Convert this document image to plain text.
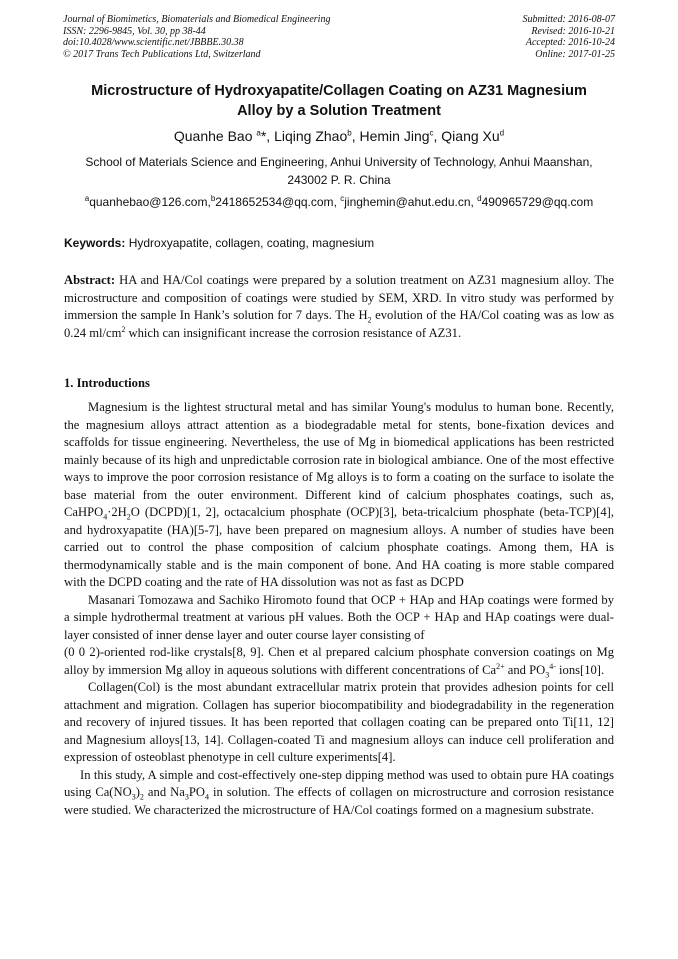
Journal of Biomimetics, Biomaterials and Biomedical Engineering
ISSN: 2296-9845, Vol. 30, pp 38-44
doi:10.4028/www.scientific.net/JBBBE.30.38
© 2017 Trans Tech Publications Ltd, Switzerland
Submitted: 2016-08-07
Revised: 2016-10-21
Accepted: 2016-10-24
Online: 2017-01-25
Microstructure of Hydroxyapatite/Collagen Coating on AZ31 Magnesium
Alloy by a Solution Treatment
Quanhe Bao $^a$*, Liqing Zhao$^b$, Hemin Jing$^c$, Qiang Xu$^d$
School of Materials Science and Engineering, Anhui University of Technology, Anhui Maanshan,
243002 P. R. China
$^a$quanhebao@126.com,$^b$2418652534@qq.com, $^c$jinghemin@ahut.edu.cn, $^d$490965729@qq.com
Keywords: Hydroxyapatite, collagen, coating, magnesium
Abstract: HA and HA/Col coatings were prepared by a solution treatment on AZ31 magnesium alloy. The microstructure and composition of coatings were studied by SEM, XRD. In vitro study was performed by immersion the sample In Hank’s solution for 7 days. The $H_2$ evolution of the HA/Col coating was as low as 0.24 $ml/cm^2$ which can insignificant increase the corrosion resistance of AZ31.
1. Introductions

Magnesium is the lightest structural metal and has similar Young's modulus to human bone. Recently, the magnesium alloys attract attention as a biodegradable metal for stents, bone-fixation devices and scaffolds for tissue engineering. Nevertheless, the use of Mg in biomedical applications has been restricted mainly because of its high and unpredictable corrosion rate in biological ambiance. One of the most effective ways to improve the poor corrosion resistance of Mg alloys is to form a coating on the surface to isolate the base material from the outer environment. Different kind of calcium phosphates coatings, such as, $CaHPO_4\cdot 2H_2O$ (DCPD)[1, 2], octacalcium phosphate (OCP)[3], beta-tricalcium phosphate (beta-TCP)[4], and hydroxyapatite (HA)[5-7], have been prepared on magnesium alloys. A number of studies have been carried out to control the phase composition of calcium phosphate coatings. Among them, HA is thermodynamically stable and is the main component of bone. And HA coating is more stable compared with the DCPD coating and the rate of HA dissolution was not as fast as DCPD

Masanari Tomozawa and Sachiko Hiromoto found that OCP + HAp and HAp coatings were formed by a simple hydrothermal treatment at various pH values. Both the OCP + HAp and HAp coatings were dual-layer consisted of inner dense layer and outer course layer consisting of

(0 0 2)-oriented rod-like crystals[8, 9]. Chen et al prepared calcium phosphate conversion coatings on Mg alloy by immersion Mg alloy in aqueous solutions with different concentrations of $Ca^{2+}$ and $PO_3^{4-}$ ions[10].

Collagen(Col) is the most abundant extracellular matrix protein that provides adhesion points for cell attachment and migration. Collagen has superior biocompatibility and biodegradability in the regeneration and recovery of injured tissues. It has been reported that collagen coating can be prepared onto Ti[11, 12] and Magnesium alloys[13, 14]. Collagen-coated Ti and magnesium alloys can induce cell proliferation and expression of osteoblast phenotype in cell culture experiments[4].

In this study, A simple and cost-effectively one-step dipping method was used to obtain pure HA coatings using $Ca(NO_3)_2$ and $Na_3PO_4$ in solution. The effects of collagen on microstructure and corrosion resistance were studied. We characterized the microstructure of HA/Col coatings formed on a magnesium substrate.
